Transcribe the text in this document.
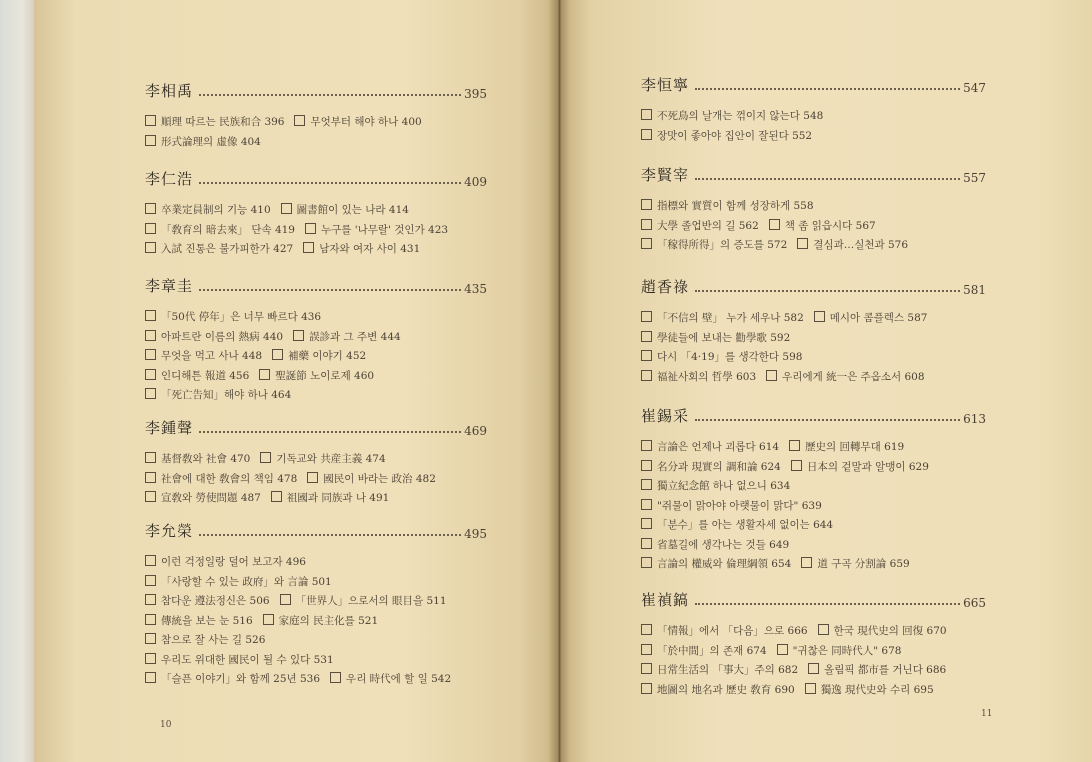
李相禹	395
順理 따르는 民族和合 396 무엇부터 해야 하나 400
形式論理의 虛像 404
李仁浩	409
卒業定員制의 기능 410 圖書館이 있는 나라 414
「敎育의 暗去來」 단속 419 누구를 '나무랄' 것인가 423
入試 진통은 불가피한가 427 남자와 여자 사이 431
李章圭	435
「50代 停年」은 너무 빠르다 436
아파트란 이름의 熱病 440 誤診과 그 주변 444
무엇을 먹고 사나 448 補藥 이야기 452
인디해튼 報道 456 聖誕節 노이로제 460
「死亡告知」해야 하나 464
李鍾聲	469
基督敎와 社會 470 기독교와 共産主義 474
社會에 대한 敎會의 책임 478 國民이 바라는 政治 482
宣敎와 勞使問題 487 祖國과 同族과 나 491
李允榮	495
이런 걱정일랑 덜어 보고자 496
「사랑할 수 있는 政府」와 言論 501
참다운 遵法정신은 506 「世界人」으로서의 眼目을 511
傳統을 보는 눈 516 家庭의 民主化를 521
참으로 잘 사는 길 526
우리도 위대한 國民이 될 수 있다 531
「슬픈 이야기」와 함께 25년 536 우리 時代에 할 일 542
李恒寧	547
不死鳥의 날개는 꺾이지 않는다 548
장맛이 좋아야 집안이 잘된다 552
李賢宰	557
指標와 實質이 함께 성장하게 558
大學 졸업반의 길 562 책 좀 읽읍시다 567
「稼得所得」의 증도를 572 결심과…실천과 576
趙香祿	581
「不信의 壁」 누가 세우나 582 메시아 콤플렉스 587
學徒들에 보내는 勸學歌 592
다시 「4·19」를 생각한다 598
福祉사회의 哲學 603 우리에게 統一은 주옵소서 608
崔錫采	613
言論은 언제나 괴롭다 614 歷史의 回轉무대 619
名分과 現實의 調和論 624 日本의 겉말과 알맹이 629
獨立紀念館 하나 없으니 634
"쥐물이 맑아야 아랫물이 맑다" 639
「분수」를 아는 생활자세 없이는 644
省墓길에 생각나는 것들 649
言論의 權威와 倫理綱領 654 道 구곡 分割論 659
崔禎鎬	665
「情報」에서 「다음」으로 666 한국 現代史의 回復 670
「於中間」의 존재 674 "귀찮은 同時代人" 678
日常生活의 「事大」주의 682 올림픽 都市를 거닌다 686
地圖의 地名과 歷史 敎育 690 獨逸 現代史와 수리 695
10
11
